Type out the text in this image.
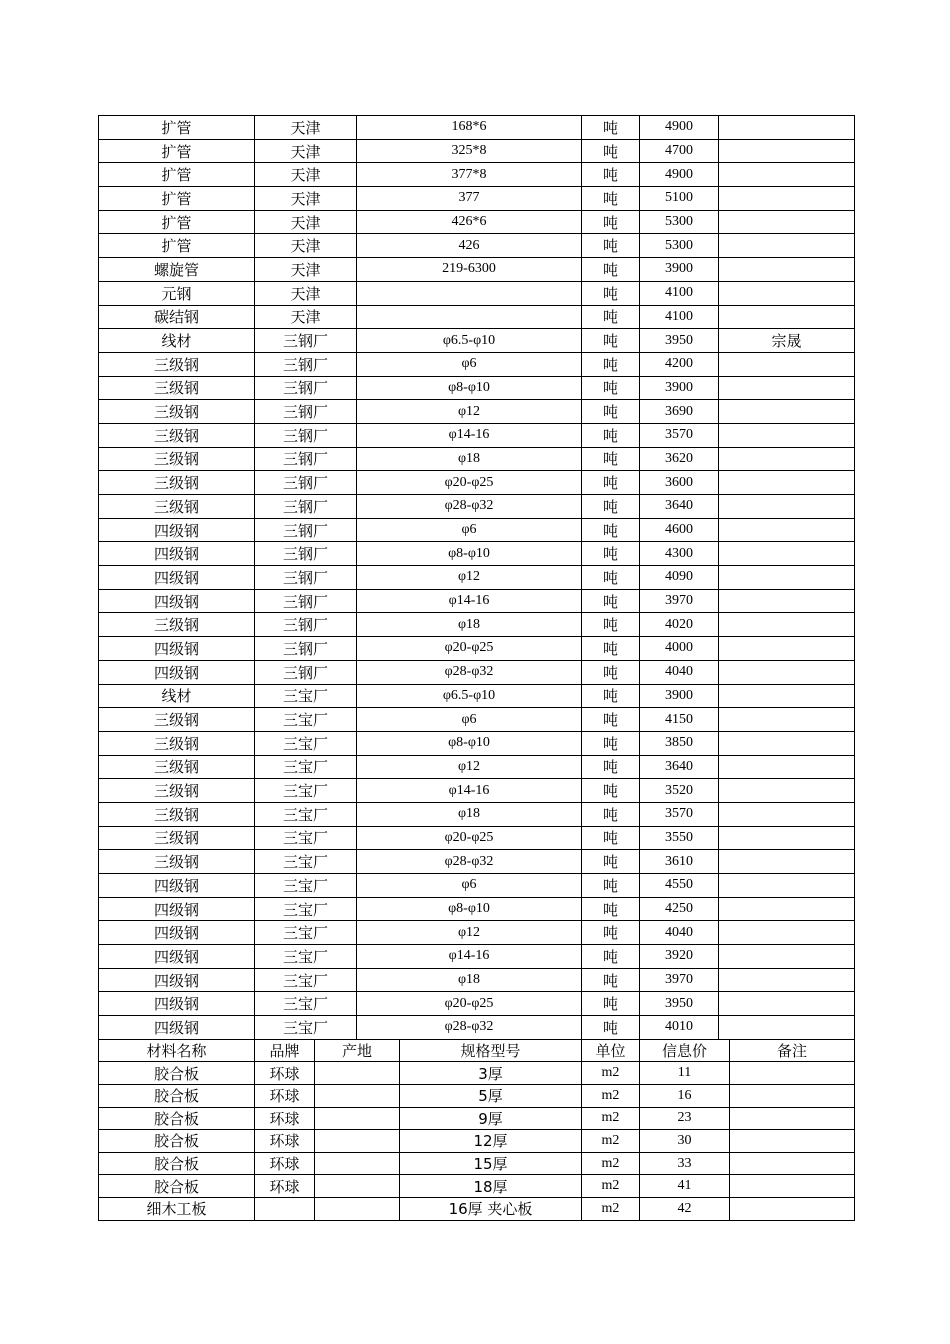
扩管	天津	168*6	吨	4900	
扩管	天津	325*8	吨	4700	
扩管	天津	377*8	吨	4900	
扩管	天津	377	吨	5100	
扩管	天津	426*6	吨	5300	
扩管	天津	426	吨	5300	
螺旋管	天津	219-6300	吨	3900	
元钢	天津		吨	4100	
碳结钢	天津		吨	4100	
线材	三钢厂	φ6.5-φ10	吨	3950	宗晟
三级钢	三钢厂	φ6	吨	4200	
三级钢	三钢厂	φ8-φ10	吨	3900	
三级钢	三钢厂	φ12	吨	3690	
三级钢	三钢厂	φ14-16	吨	3570	
三级钢	三钢厂	φ18	吨	3620	
三级钢	三钢厂	φ20-φ25	吨	3600	
三级钢	三钢厂	φ28-φ32	吨	3640	
四级钢	三钢厂	φ6	吨	4600	
四级钢	三钢厂	φ8-φ10	吨	4300	
四级钢	三钢厂	φ12	吨	4090	
四级钢	三钢厂	φ14-16	吨	3970	
三级钢	三钢厂	φ18	吨	4020	
四级钢	三钢厂	φ20-φ25	吨	4000	
四级钢	三钢厂	φ28-φ32	吨	4040	
线材	三宝厂	φ6.5-φ10	吨	3900	
三级钢	三宝厂	φ6	吨	4150	
三级钢	三宝厂	φ8-φ10	吨	3850	
三级钢	三宝厂	φ12	吨	3640	
三级钢	三宝厂	φ14-16	吨	3520	
三级钢	三宝厂	φ18	吨	3570	
三级钢	三宝厂	φ20-φ25	吨	3550	
三级钢	三宝厂	φ28-φ32	吨	3610	
四级钢	三宝厂	φ6	吨	4550	
四级钢	三宝厂	φ8-φ10	吨	4250	
四级钢	三宝厂	φ12	吨	4040	
四级钢	三宝厂	φ14-16	吨	3920	
四级钢	三宝厂	φ18	吨	3970	
四级钢	三宝厂	φ20-φ25	吨	3950	
四级钢	三宝厂	φ28-φ32	吨	4010	
材料名称	品牌	产地	规格型号	单位	信息价	备注
胶合板	环球		3厚	m2	11	
胶合板	环球		5厚	m2	16	
胶合板	环球		9厚	m2	23	
胶合板	环球		12厚	m2	30	
胶合板	环球		15厚	m2	33	
胶合板	环球		18厚	m2	41	
细木工板			16厚 夹心板	m2	42	
